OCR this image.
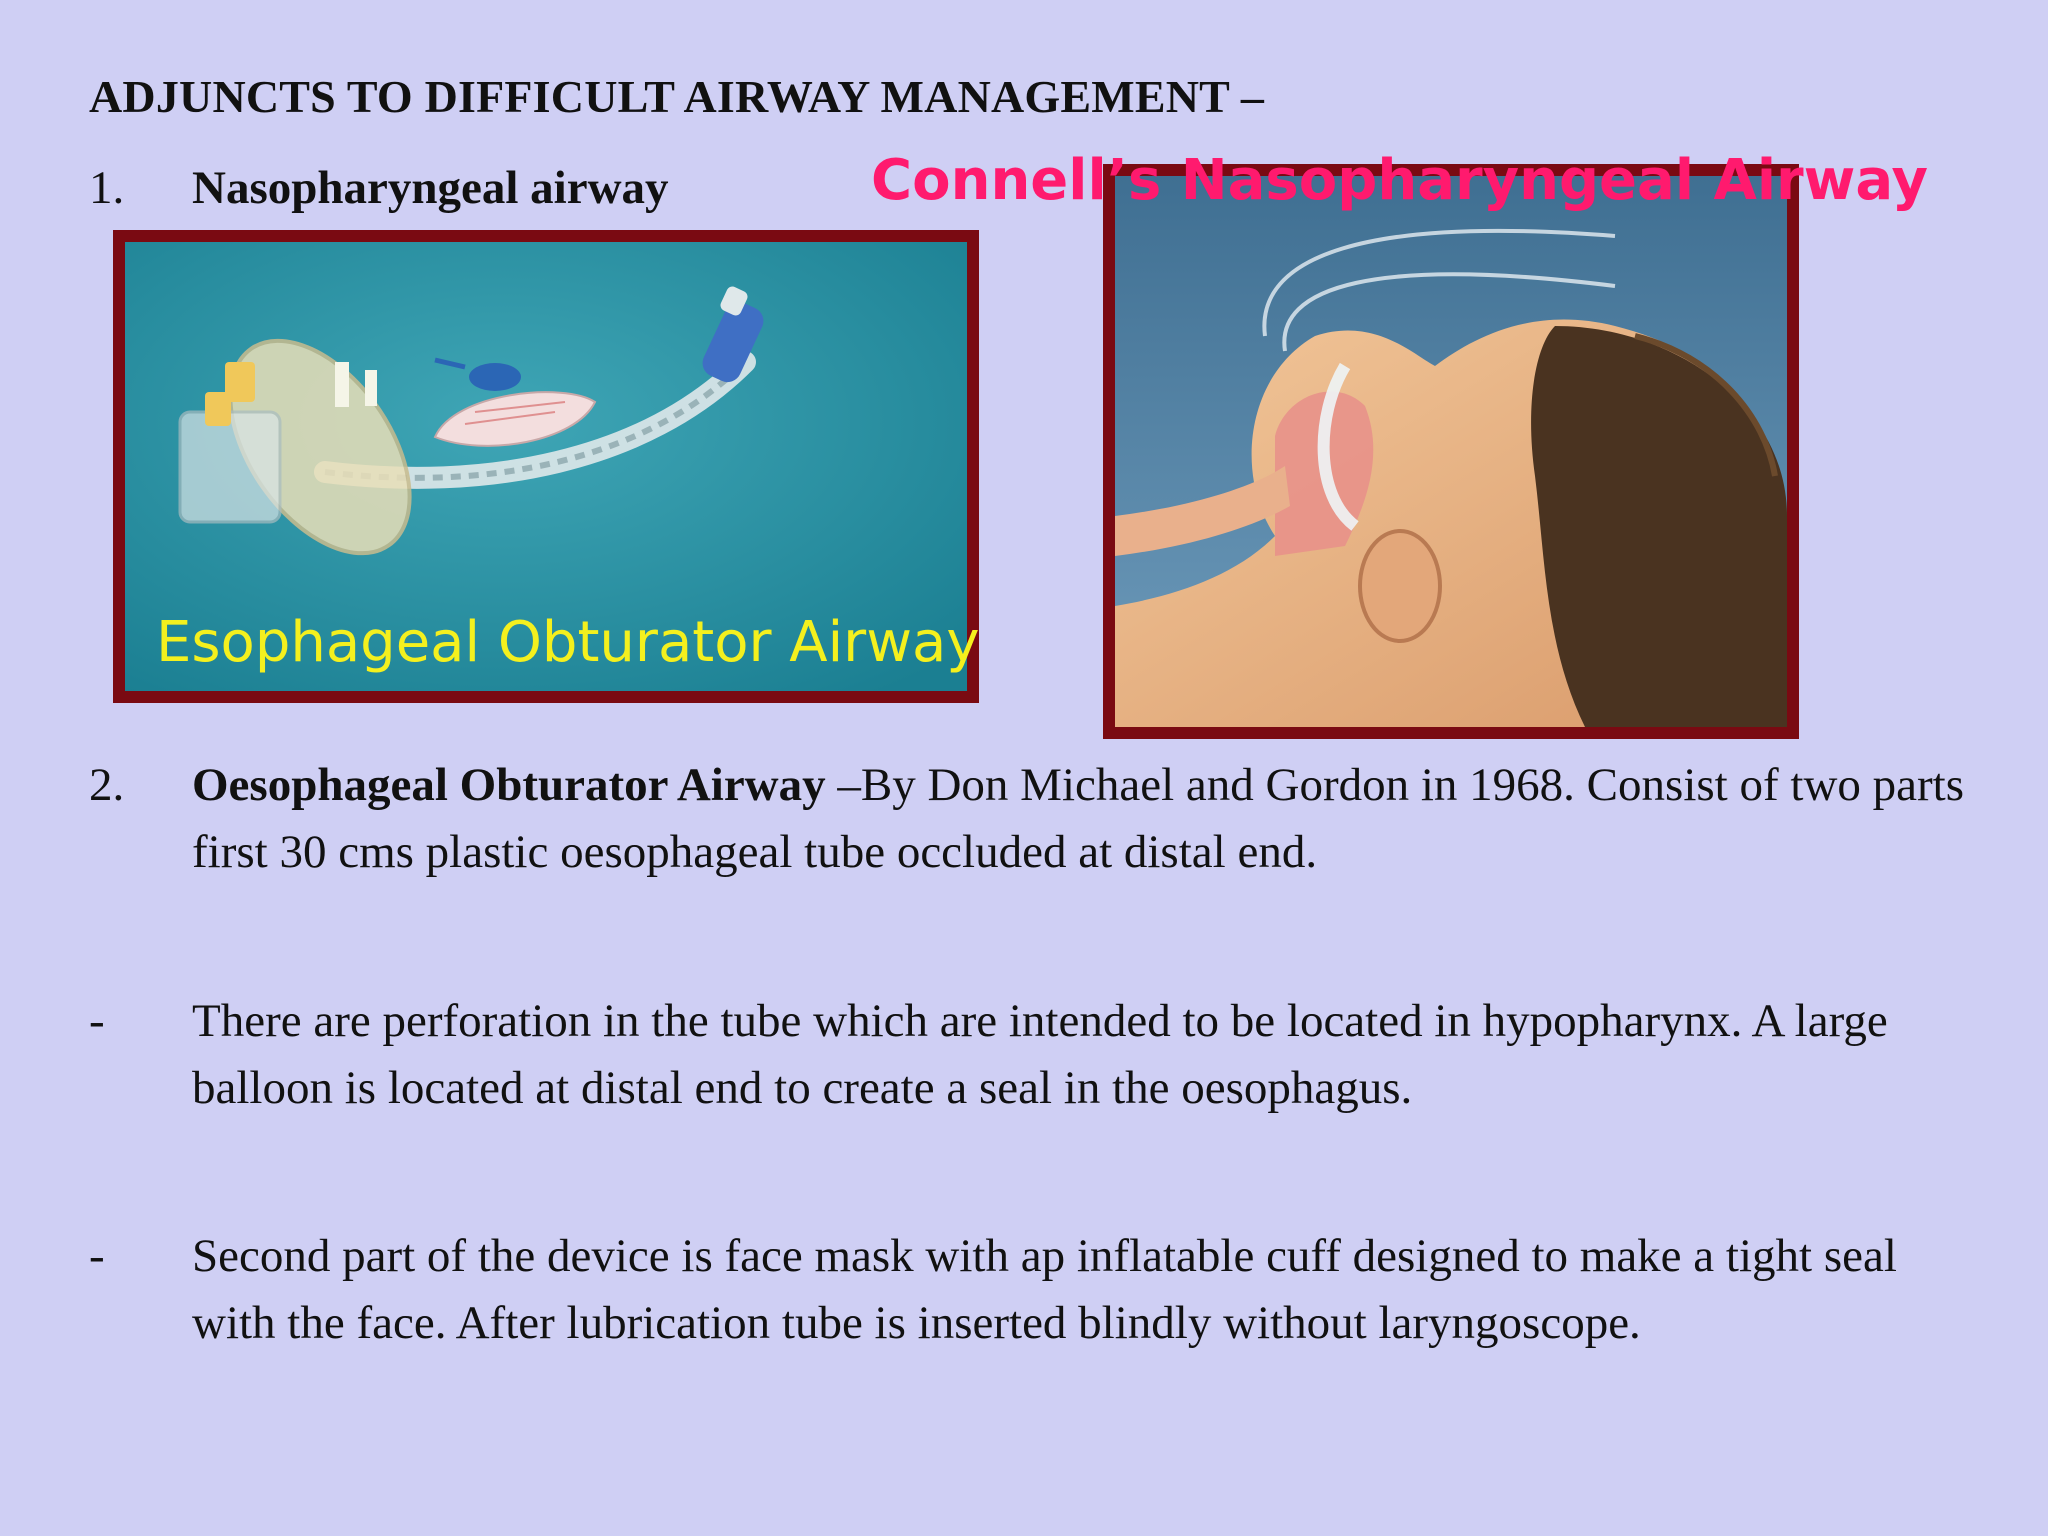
ADJUNCTS TO DIFFICULT AIRWAY MANAGEMENT –
1. Nasopharyngeal airway
Esophageal Obturator Airway
Connell’s Nasopharyngeal Airway
2. Oesophageal Obturator Airway –By Don Michael and Gordon in 1968. Consist of two parts first 30 cms plastic oesophageal tube occluded at distal end.
- There are perforation in the tube which are intended to be located in hypopharynx. A large balloon is located at distal end to create a seal in the oesophagus.
- Second part of the device is face mask with ap inflatable cuff designed to make a tight seal with the face. After lubrication tube is inserted blindly without laryngoscope.
